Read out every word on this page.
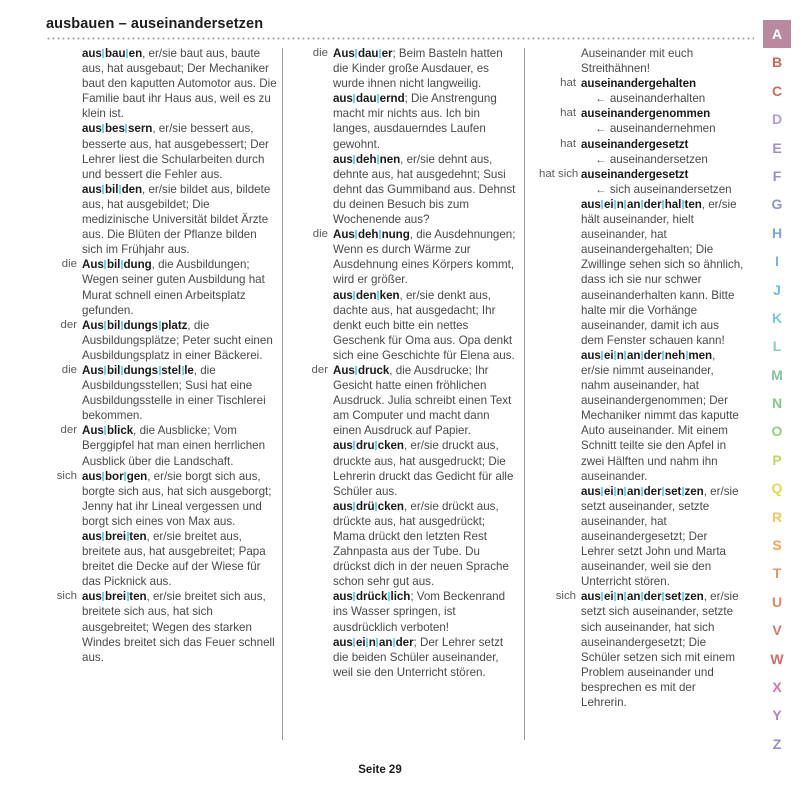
ausbauen – auseinandersetzen
aus bau en, er/sie baut aus, baute aus, hat ausgebaut; Der Mechaniker baut den kaputten Automotor aus. Die Familie baut ihr Haus aus, weil es zu klein ist.
aus bes sern, er/sie bessert aus, besserte aus, hat ausgebessert; Der Lehrer liest die Schularbeiten durch und bessert die Fehler aus.
aus bil den, er/sie bildet aus, bildete aus, hat ausgebildet; Die medizinische Universität bildet Ärzte aus. Die Blüten der Pflanze bilden sich im Frühjahr aus.
die Aus bil dung, die Ausbildungen; Wegen seiner guten Ausbildung hat Murat schnell einen Arbeitsplatz gefunden.
der Aus bil dungs platz, die Ausbildungsplätze; Peter sucht einen Ausbildungsplatz in einer Bäckerei.
die Aus bil dungs stel le, die Ausbildungsstellen; Susi hat eine Ausbildungsstelle in einer Tischlerei bekommen.
der Aus blick, die Ausblicke; Vom Berggipfel hat man einen herrlichen Ausblick über die Landschaft.
sich aus bor gen, er/sie borgt sich aus, borgte sich aus, hat sich ausgeborgt; Jenny hat ihr Lineal vergessen und borgt sich eines von Max aus.
aus brei ten, er/sie breitet aus, breitete aus, hat ausgebreitet; Papa breitet die Decke auf der Wiese für das Picknick aus.
sich aus brei ten, er/sie breitet sich aus, breitete sich aus, hat sich ausgebreitet; Wegen des starken Windes breitet sich das Feuer schnell aus.
die Aus dau er; Beim Basteln hatten die Kinder große Ausdauer, es wurde ihnen nicht langweilig.
aus dau ernd; Die Anstrengung macht mir nichts aus. Ich bin langes, ausdauerndes Laufen gewohnt.
aus deh nen, er/sie dehnt aus, dehnte aus, hat ausgedehnt; Susi dehnt das Gummiband aus. Dehnst du deinen Besuch bis zum Wochenende aus?
die Aus deh nung, die Ausdehnungen; Wenn es durch Wärme zur Ausdehnung eines Körpers kommt, wird er größer.
aus den ken, er/sie denkt aus, dachte aus, hat ausgedacht; Ihr denkt euch bitte ein nettes Geschenk für Oma aus. Opa denkt sich eine Geschichte für Elena aus.
der Aus druck, die Ausdrucke; Ihr Gesicht hatte einen fröhlichen Ausdruck. Julia schreibt einen Text am Computer und macht dann einen Ausdruck auf Papier.
aus dru cken, er/sie druckt aus, druckte aus, hat ausgedruckt; Die Lehrerin druckt das Gedicht für alle Schüler aus.
aus drü cken, er/sie drückt aus, drückte aus, hat ausgedrückt; Mama drückt den letzten Rest Zahnpasta aus der Tube. Du drückst dich in der neuen Sprache schon sehr gut aus.
aus drück lich; Vom Beckenrand ins Wasser springen, ist ausdrücklich verboten!
aus ei n an der; Der Lehrer setzt die beiden Schüler auseinander, weil sie den Unterricht stören.
Auseinander mit euch Streithähnen!
hat auseinandergehalten
← auseinanderhalten
hat auseinandergenommen
← auseinandernehmen
hat auseinandergesetzt
← auseinandersetzen
hat sich auseinandergesetzt
← sich auseinandersetzen
aus ei n an der hal ten, er/sie hält auseinander, hielt auseinander, hat auseinandergehalten; Die Zwillinge sehen sich so ähnlich, dass ich sie nur schwer auseinanderhalten kann. Bitte halte mir die Vorhänge auseinander, damit ich aus dem Fenster schauen kann!
aus ei n an der neh men, er/sie nimmt auseinander, nahm auseinander, hat auseinandergenommen; Der Mechaniker nimmt das kaputte Auto auseinander. Mit einem Schnitt teilte sie den Apfel in zwei Hälften und nahm ihn auseinander.
aus ei n an der set zen, er/sie setzt auseinander, setzte auseinander, hat auseinandergesetzt; Der Lehrer setzt John und Marta auseinander, weil sie den Unterricht stören.
sich aus ei n an der set zen, er/sie setzt sich auseinander, setzte sich auseinander, hat sich auseinandergesetzt; Die Schüler setzen sich mit einem Problem auseinander und besprechen es mit der Lehrerin.
Seite 29
A
B
C
D
E
F
G
H
I
J
K
L
M
N
O
P
Q
R
S
T
U
V
W
X
Y
Z
